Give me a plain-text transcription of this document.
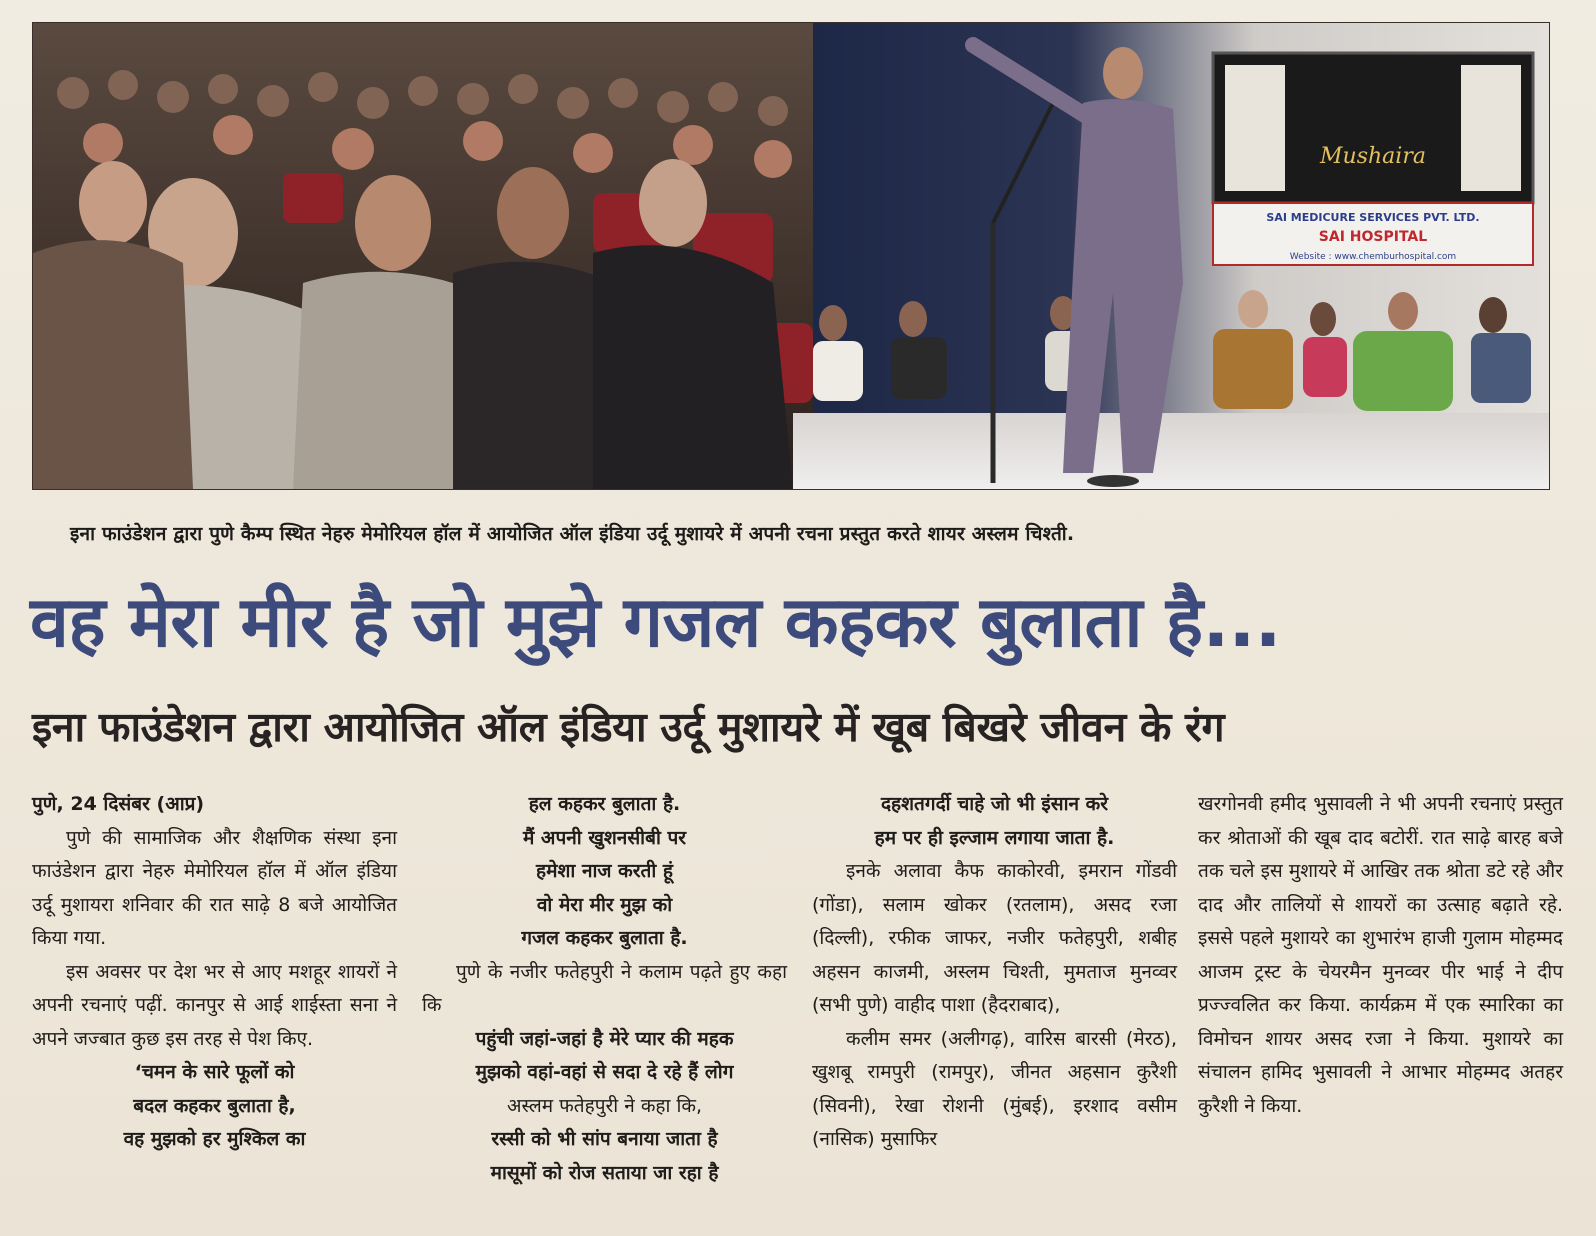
Mushaira
SAI MEDICURE SERVICES PVT. LTD.
SAI HOSPITAL
Website : www.chemburhospital.com
इना फाउंडेशन द्वारा पुणे कैम्प स्थित नेहरु मेमोरियल हॉल में आयोजित ऑल इंडिया उर्दू मुशायरे में अपनी रचना प्रस्तुत करते शायर अस्लम चिश्ती.
वह मेरा मीर है जो मुझे गजल कहकर बुलाता है...
इना फाउंडेशन द्वारा आयोजित ऑल इंडिया उर्दू मुशायरे में खूब बिखरे जीवन के रंग

पुणे, 24 दिसंबर (आप्र)

पुणे की सामाजिक और शैक्षणिक संस्था इना फाउंडेशन द्वारा नेहरु मेमोरियल हॉल में ऑल इंडिया उर्दू मुशायरा शनिवार की रात साढ़े 8 बजे आयोजित किया गया.

इस अवसर पर देश भर से आए मशहूर शायरों ने अपनी रचनाएं पढ़ीं. कानपुर से आई शाईस्ता सना ने अपने जज्बात कुछ इस तरह से पेश किए.

‘चमन के सारे फूलों को

बदल कहकर बुलाता है,

वह मुझको हर मुश्किल का

हल कहकर बुलाता है.

मैं अपनी खुशनसीबी पर

हमेशा नाज करती हूं

वो मेरा मीर मुझ को

गजल कहकर बुलाता है.

पुणे के नजीर फतेहपुरी ने कलाम पढ़ते हुए कहा कि

पहुंची जहां-जहां है मेरे प्यार की महक

मुझको वहां-वहां से सदा दे रहे हैं लोग

अस्लम फतेहपुरी ने कहा कि,

रस्सी को भी सांप बनाया जाता है

मासूमों को रोज सताया जा रहा है

दहशतगर्दी चाहे जो भी इंसान करे

हम पर ही इल्जाम लगाया जाता है.

इनके अलावा कैफ काकोरवी, इमरान गोंडवी (गोंडा), सलाम खोकर (रतलाम), असद रजा (दिल्ली), रफीक जाफर, नजीर फतेहपुरी, शबीह अहसन काजमी, अस्लम चिश्ती, मुमताज मुनव्वर (सभी पुणे) वाहीद पाशा (हैदराबाद),

कलीम समर (अलीगढ़), वारिस बारसी (मेरठ), खुशबू रामपुरी (रामपुर), जीनत अहसान कुरैशी (सिवनी), रेखा रोशनी (मुंबई), इरशाद वसीम (नासिक) मुसाफिर

खरगोनवी हमीद भुसावली ने भी अपनी रचनाएं प्रस्तुत कर श्रोताओं की खूब दाद बटोरीं. रात साढ़े बारह बजे तक चले इस मुशायरे में आखिर तक श्रोता डटे रहे और दाद और तालियों से शायरों का उत्साह बढ़ाते रहे. इससे पहले मुशायरे का शुभारंभ हाजी गुलाम मोहम्मद आजम ट्रस्ट के चेयरमैन मुनव्वर पीर भाई ने दीप प्रज्ज्वलित कर किया. कार्यक्रम में एक स्मारिका का विमोचन शायर असद रजा ने किया. मुशायरे का संचालन हामिद भुसावली ने आभार मोहम्मद अतहर कुरैशी ने किया.
